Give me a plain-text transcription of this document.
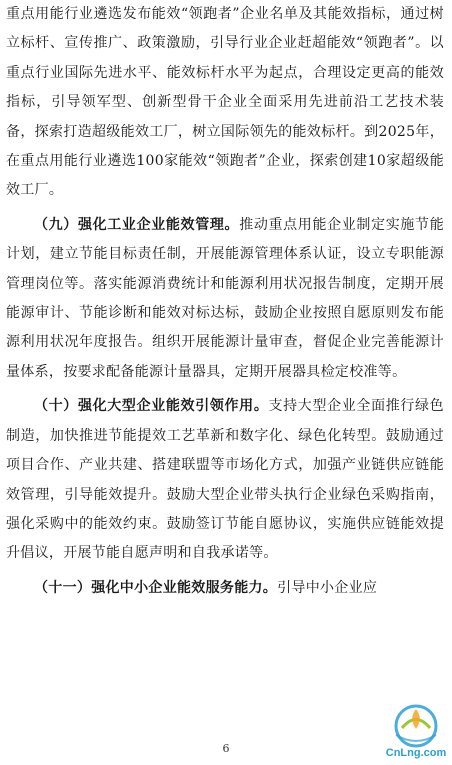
重点用能行业遴选发布能效“领跑者”企业名单及其能效指标，通过树立标杆、宣传推广、政策激励，引导行业企业赶超能效“领跑者”。以重点行业国际先进水平、能效标杆水平为起点，合理设定更高的能效指标，引导领军型、创新型骨干企业全面采用先进前沿工艺技术装备，探索打造超级能效工厂，树立国际领先的能效标杆。到2025年，在重点用能行业遴选100家能效“领跑者”企业，探索创建10家超级能效工厂。

（九）强化工业企业能效管理。推动重点用能企业制定实施节能计划，建立节能目标责任制，开展能源管理体系认证，设立专职能源管理岗位等。落实能源消费统计和能源利用状况报告制度，定期开展能源审计、节能诊断和能效对标达标，鼓励企业按照自愿原则发布能源利用状况年度报告。组织开展能源计量审查，督促企业完善能源计量体系，按要求配备能源计量器具，定期开展器具检定校准等。

（十）强化大型企业能效引领作用。支持大型企业全面推行绿色制造，加快推进节能提效工艺革新和数字化、绿色化转型。鼓励通过项目合作、产业共建、搭建联盟等市场化方式，加强产业链供应链能效管理，引导能效提升。鼓励大型企业带头执行企业绿色采购指南，强化采购中的能效约束。鼓励签订节能自愿协议，实施供应链能效提升倡议，开展节能自愿声明和自我承诺等。

（十一）强化中小企业能效服务能力。引导中小企业应

6	CnLng.com
